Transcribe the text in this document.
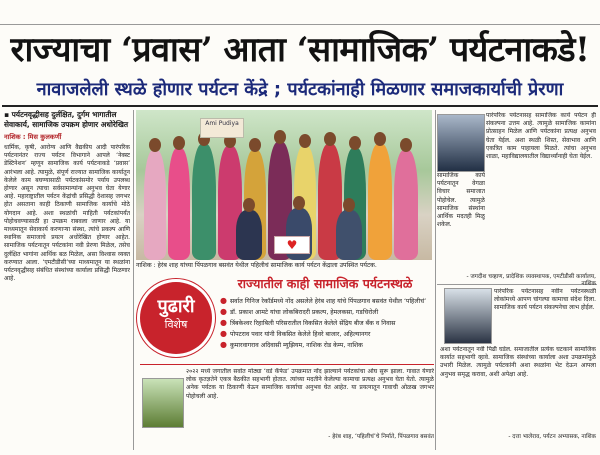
राज्याचा ‘प्रवास’ आता ‘सामाजिक’ पर्यटनाकडे!
नावाजलेली स्थळे होणार पर्यटन केंद्रे ; पर्यटकांनाही मिळणार समाजकार्याची प्रेरणा
▪ पर्यटनवृद्धीसह दुर्लक्षित, दुर्गम भागातील सेवाकार्य, सामाजिक उपक्रम होणार अधोरेखित
नाशिक : मिस कुलकर्णी

धार्मिक, कृषी, आरोग्य आणि वैद्यकीय आदी पारंपरिक पर्यटनानंतर राज्य पर्यटन विभागाने आपले ‘नेक्स्ट डेस्टिनेशन’ म्हणून सामाजिक कार्य पर्यटनाकडे ‘प्रवास’ आरंभला आहे. त्यामुळे, संपूर्ण राज्यात सामाजिक कार्यातून केलेले काम बघण्यासाठी पर्यटकांसमोर पर्याय उपलब्ध होणार असून त्याचा सर्वसामान्यांना अनुभव घेता येणार आहे. महाराष्ट्रातील पर्यटन केंद्रांची प्रसिद्धी देशासह जगभर होत असताना काही ठिकाणी सामाजिक कार्याचे मोठे योगदान आहे. अशा स्थळांची माहिती पर्यटकांपर्यंत पोहोचवण्यासाठी हा उपक्रम राबवला जाणार आहे. या माध्यमातून सेवाकार्य करणाऱ्या संस्था, त्यांचे प्रकल्प आणि स्थानिक समाजाचे प्रयत्न अधोरेखित होणार आहेत. सामाजिक पर्यटनातून पर्यटकांना नवी प्रेरणा मिळेल, तसेच दुर्लक्षित भागांना आर्थिक बळ मिळेल, असा विश्वास व्यक्त करण्यात आला. ‘एमटीडीसी’च्या माध्यमातून या स्थळांना पर्यटनवृद्धीसह संबंधित संस्थांच्या कार्याला प्रसिद्धी मिळणार आहे.

Ami Pudiya
♥
नाशिक : हेरंब शाह यांच्या पिंपळगाव बसवंत येथील पहिलीचं सामाजिक कार्य पर्यटन केंद्राला उपस्थित पर्यटक.

पारंपरिक पर्यटनासह सामाजिक कार्य पर्यटन ही संकल्पना उत्तम आहे. त्यामुळे सामाजिक कामांना प्रोत्साहन मिळेल आणि पर्यटकांना प्रत्यक्ष अनुभव घेता येईल. अशा स्थळी शिस्त, सेवाभाव आणि एकत्रित काम पाहायला मिळते. त्यांचा अनुभव शाळा, महाविद्यालयातील विद्यार्थ्यांनाही घेता येईल.

सामाजिक कार्य पर्यटनातून वेगळा विचार समाजात पोहोचेल. त्यामुळे सामाजिक संस्थांना आर्थिक मदतही मिळू शकेल.

- जगदीश चव्हाण, प्रादेशिक व्यवस्थापक, एमटीडीसी कार्यालय, नाशिक

पारंपरिक पर्यटनासह नवीन पर्यटनस्थळी लोकांमध्ये आपण चांगल्या कामाचा संदेश दिला. सामाजिक कार्य पर्यटन संकल्पनेचा लाभ होईल.

अशा पर्यटनातून नवी पिढी घडेल. समाजातील प्रत्येक घटकाने सामाजिक कार्यात सहभागी व्हावे. सामाजिक संस्थांच्या कार्याला अशा उपक्रमांमुळे उभारी मिळेल. त्यामुळे पर्यटकांनी अशा स्थळांना भेट देऊन आपला अनुभव समृद्ध करावा, अशी अपेक्षा आहे.

- दत्ता भालेराव, पर्यटन अभ्यासक, नाशिक
पुढारी
विशेष
राज्यातील काही सामाजिक पर्यटनस्थळे
● सर्वात गिनिज रेकॉर्डमध्ये नोंद असलेले हेरंब शाह यांचे पिंपळगाव बसवंत येथील ‘पहिलीचं’
● डॉ. प्रकाश आमटे यांचा लोकबिरादरी प्रकल्प, हेमलकसा, गडचिरोली
● त्रिंबकेश्वर रिहाबिली परिसरातील विकसित केलेले सेंद्रिय बीज बँक व निवास
● पोपटराव पवार यांनी विकसित केलेले हिवरे बाजार, अहिल्यानगर
● कुमारवागराव अदिवासी म्युझियम, नाशिक रोड केम्प, नाशिक

२०२२ मध्ये जगातील सर्वात मोठ्या ‘वर्ड कॅफेड’ उपक्रमात नोंद झाल्याने पर्यटकांचा ओघ सुरू झाला. गावात येणारे लोक कृतज्ञतेने एकत्र बैठकीत सहभागी होतात. त्यांच्या मदतीने केलेल्या कामाचा प्रत्यक्ष अनुभव घेता येतो. त्यामुळे अनेक पर्यटक या ठिकाणी येऊन सामाजिक कार्याचा अनुभव घेत आहेत. या प्रयत्नातून गावाची ओळख जगभर पोहोचली आहे.

- हेरंब शाह, ‘पहिलीचं’चे निर्माते, पिंपळगाव बसवंत
